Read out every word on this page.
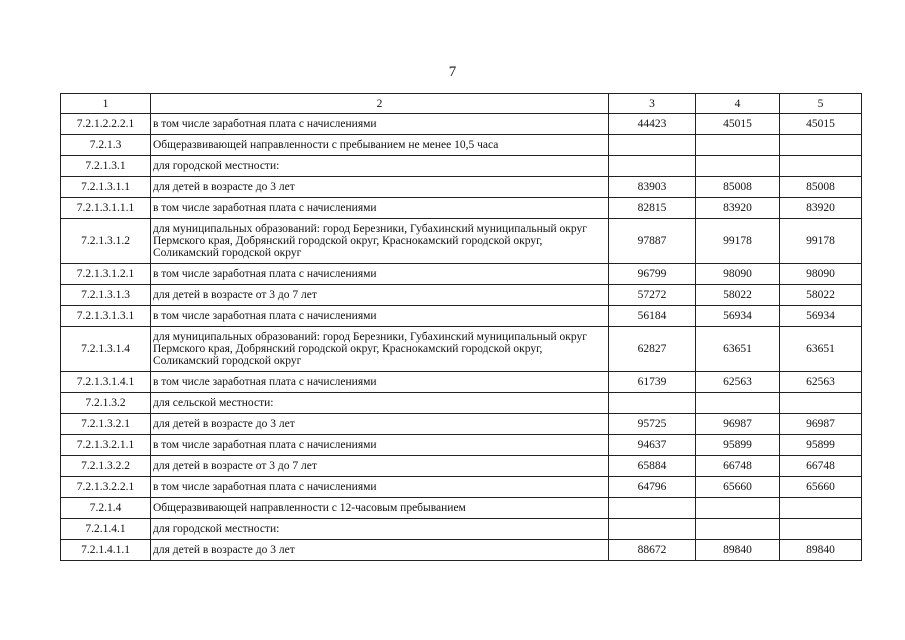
7
1	2	3	4	5
7.2.1.2.2.2.1	в том числе заработная плата с начислениями	44423	45015	45015
7.2.1.3	Общеразвивающей направленности с пребыванием не менее 10,5 часа			
7.2.1.3.1	для городской местности:			
7.2.1.3.1.1	для детей в возрасте до 3 лет	83903	85008	85008
7.2.1.3.1.1.1	в том числе заработная плата с начислениями	82815	83920	83920
7.2.1.3.1.2	для муниципальных образований: город Березники, Губахинский муниципальный округ Пермского края, Добрянский городской округ, Краснокамский городской округ, Соликамский городской округ	97887	99178	99178
7.2.1.3.1.2.1	в том числе заработная плата с начислениями	96799	98090	98090
7.2.1.3.1.3	для детей в возрасте от 3 до 7 лет	57272	58022	58022
7.2.1.3.1.3.1	в том числе заработная плата с начислениями	56184	56934	56934
7.2.1.3.1.4	для муниципальных образований: город Березники, Губахинский муниципальный округ Пермского края, Добрянский городской округ, Краснокамский городской округ, Соликамский городской округ	62827	63651	63651
7.2.1.3.1.4.1	в том числе заработная плата с начислениями	61739	62563	62563
7.2.1.3.2	для сельской местности:			
7.2.1.3.2.1	для детей в возрасте до 3 лет	95725	96987	96987
7.2.1.3.2.1.1	в том числе заработная плата с начислениями	94637	95899	95899
7.2.1.3.2.2	для детей в возрасте от 3 до 7 лет	65884	66748	66748
7.2.1.3.2.2.1	в том числе заработная плата с начислениями	64796	65660	65660
7.2.1.4	Общеразвивающей направленности с 12-часовым пребыванием			
7.2.1.4.1	для городской местности:			
7.2.1.4.1.1	для детей в возрасте до 3 лет	88672	89840	89840
